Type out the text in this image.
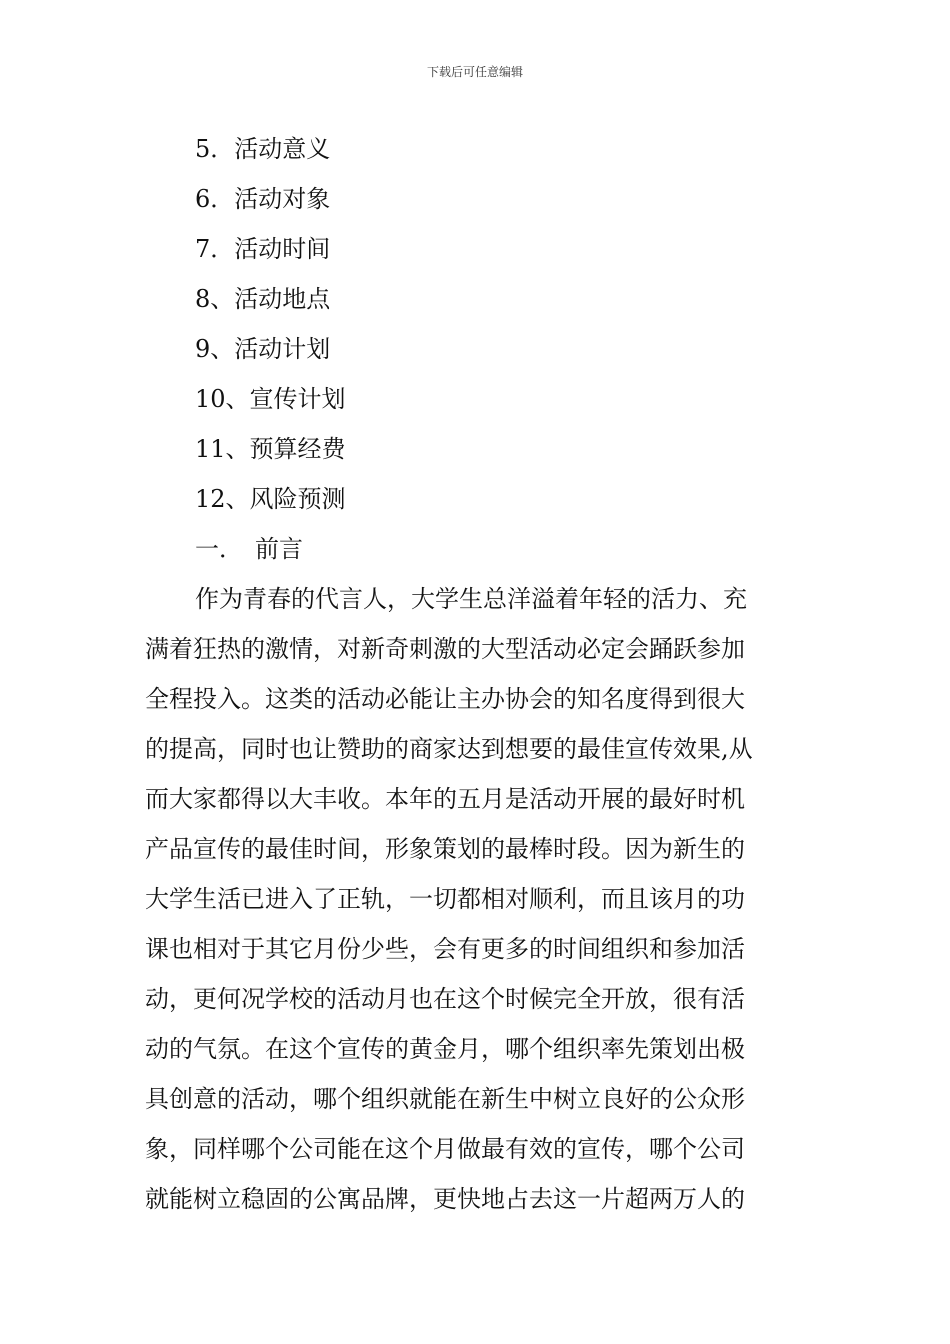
下载后可任意编辑
5．活动意义
6．活动对象
7．活动时间
8、活动地点
9、活动计划
10、宣传计划
11、预算经费
12、风险预测
一．　前言
作为青春的代言人，大学生总洋溢着年轻的活力、充
满着狂热的激情，对新奇刺激的大型活动必定会踊跃参加
全程投入。这类的活动必能让主办协会的知名度得到很大
的提高，同时也让赞助的商家达到想要的最佳宣传效果,从
而大家都得以大丰收。本年的五月是活动开展的最好时机
产品宣传的最佳时间，形象策划的最棒时段。因为新生的
大学生活已进入了正轨，一切都相对顺利，而且该月的功
课也相对于其它月份少些，会有更多的时间组织和参加活
动，更何况学校的活动月也在这个时候完全开放，很有活
动的气氛。在这个宣传的黄金月，哪个组织率先策划出极
具创意的活动，哪个组织就能在新生中树立良好的公众形
象，同样哪个公司能在这个月做最有效的宣传，哪个公司
就能树立稳固的公寓品牌，更快地占去这一片超两万人的
